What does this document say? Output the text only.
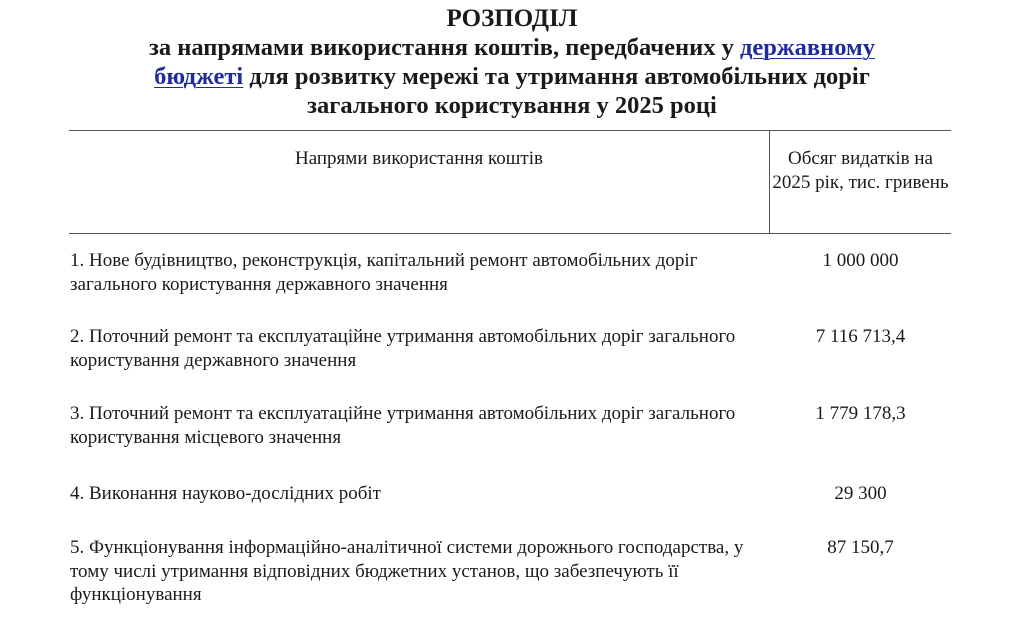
РОЗПОДІЛ
за напрямами використання коштів, передбачених у державному
бюджеті для розвитку мережі та утримання автомобільних доріг
загального користування у 2025 році
Напрями використання коштів	Обсяг видатків на 2025 рік, тис. гривень
1. Нове будівництво, реконструкція, капітальний ремонт автомобільних доріг загального користування державного значення
1 000 000
2. Поточний ремонт та експлуатаційне утримання автомобільних доріг загального користування державного значення
7 116 713,4
3. Поточний ремонт та експлуатаційне утримання автомобільних доріг загального користування місцевого значення
1 779 178,3
4. Виконання науково-дослідних робіт	29 300
5. Функціонування інформаційно-аналітичної системи дорожнього господарства, у тому числі утримання відповідних бюджетних установ, що забезпечують її функціонування
87 150,7
